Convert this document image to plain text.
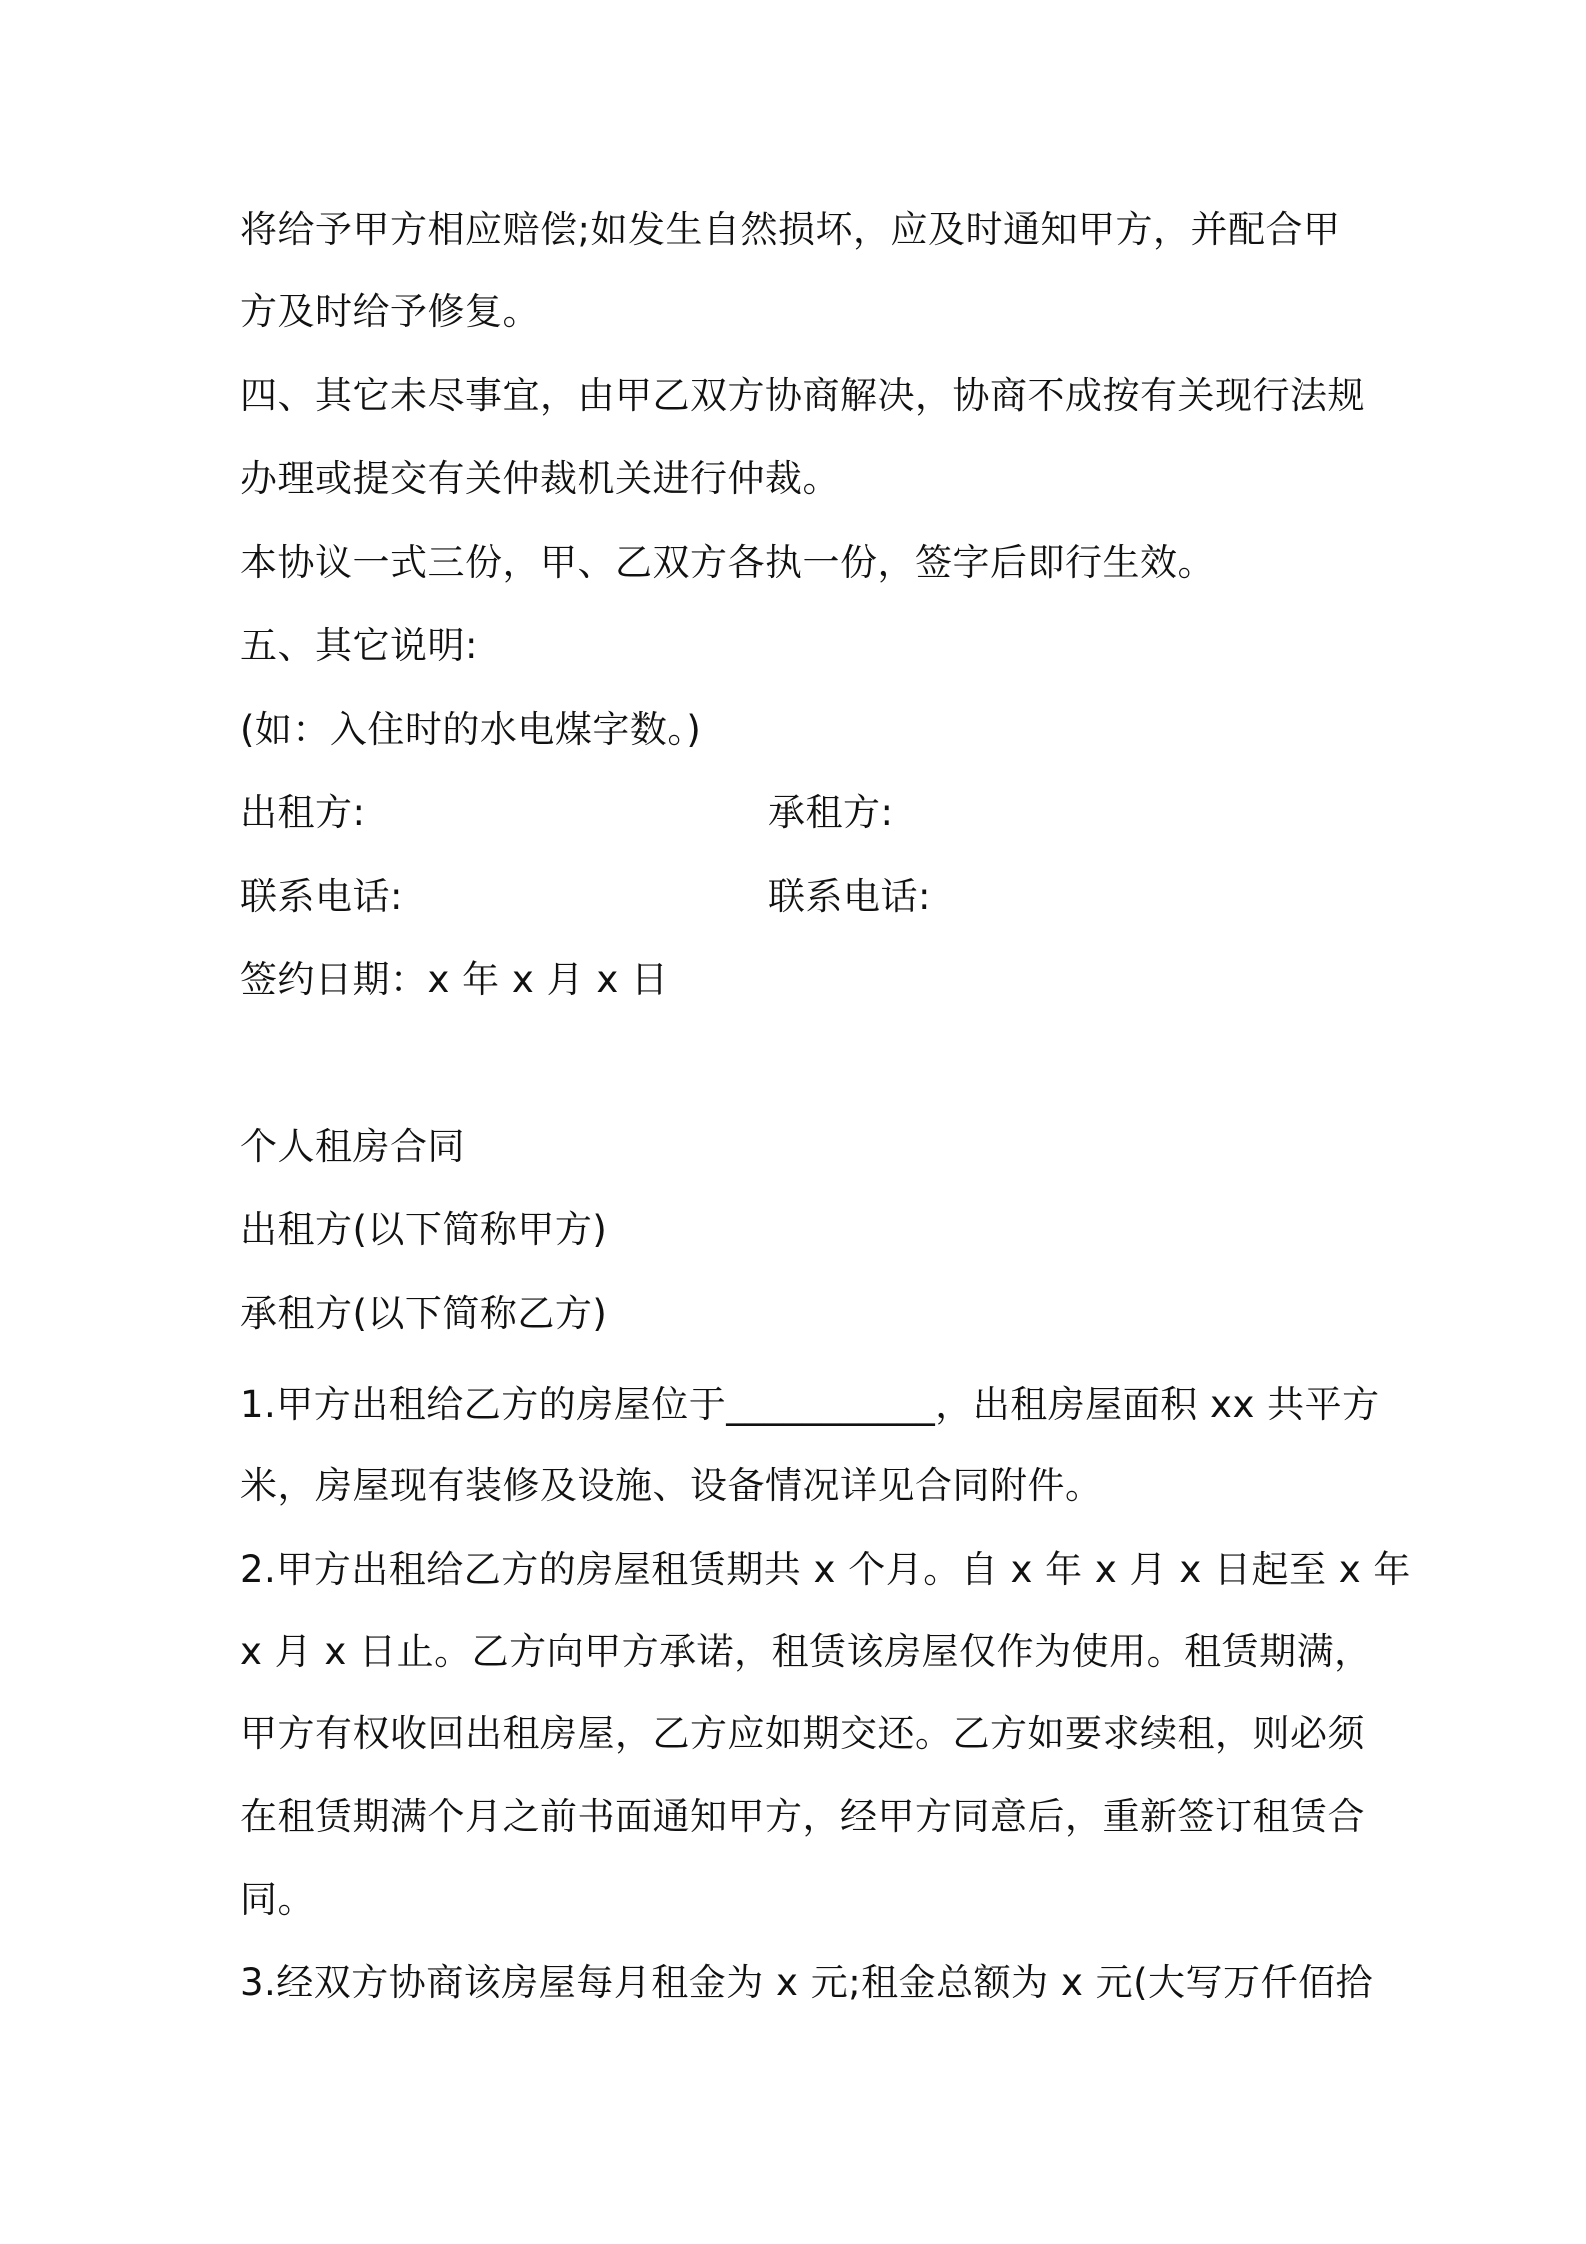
将给予甲方相应赔偿;如发生自然损坏，应及时通知甲方，并配合甲

方及时给予修复。

四、其它未尽事宜，由甲乙双方协商解决，协商不成按有关现行法规

办理或提交有关仲裁机关进行仲裁。

本协议一式三份，甲、乙双方各执一份，签字后即行生效。

五、其它说明:

(如：入住时的水电煤字数。)

出租方:	承租方:

联系电话:	联系电话:

签约日期：x 年 x 月 x 日

个人租房合同

出租方(以下简称甲方)

承租方(以下简称乙方)

1.甲方出租给乙方的房屋位于___________，出租房屋面积 xx 共平方

米，房屋现有装修及设施、设备情况详见合同附件。

2.甲方出租给乙方的房屋租赁期共 x 个月。自 x 年 x 月 x 日起至 x 年

x 月 x 日止。乙方向甲方承诺，租赁该房屋仅作为使用。租赁期满，

甲方有权收回出租房屋，乙方应如期交还。乙方如要求续租，则必须

在租赁期满个月之前书面通知甲方，经甲方同意后，重新签订租赁合

同。

3.经双方协商该房屋每月租金为 x 元;租金总额为 x 元(大写万仟佰拾
